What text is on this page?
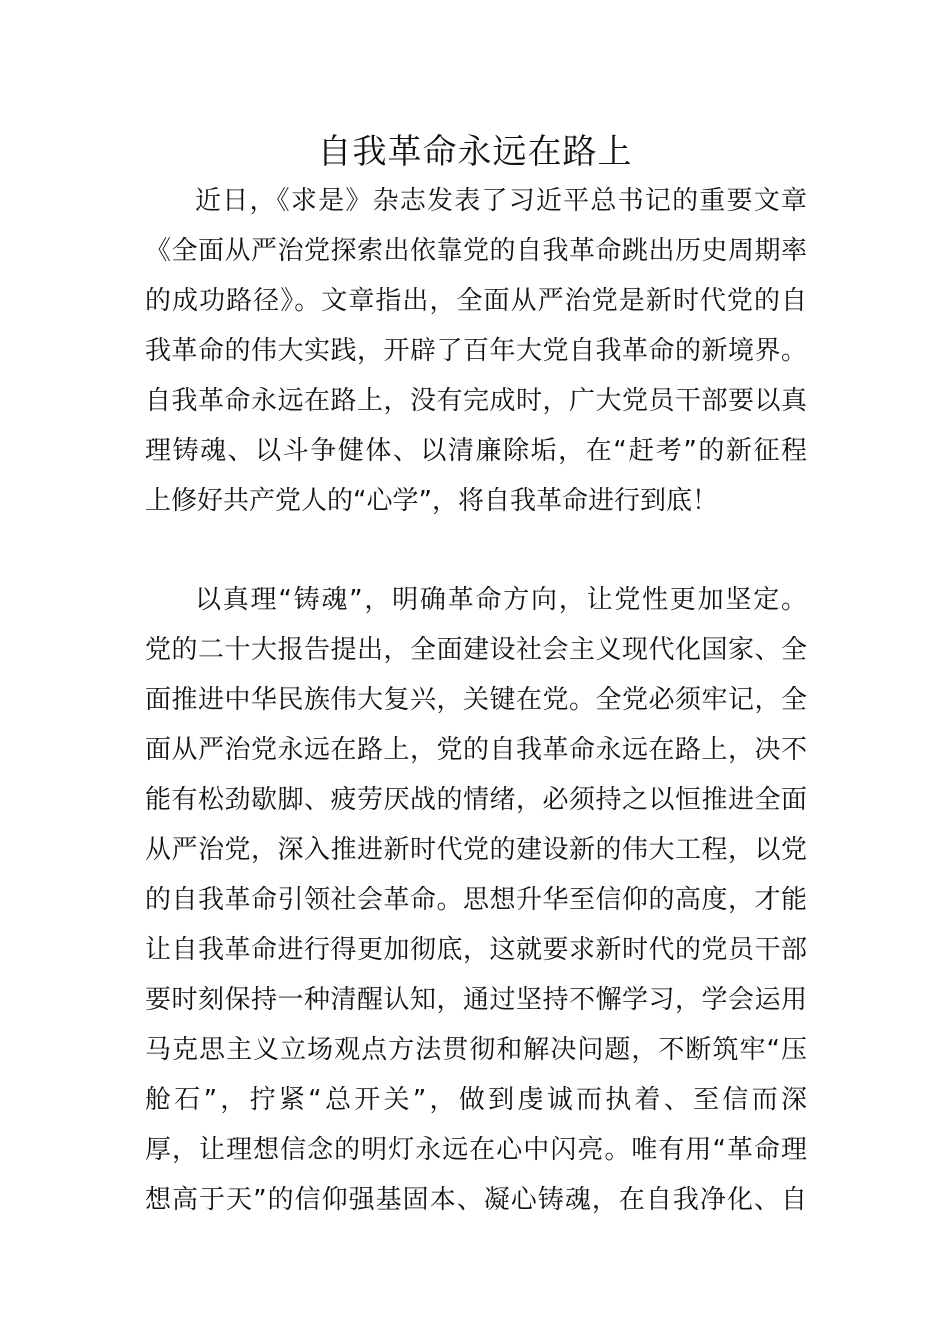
自我革命永远在路上
近日，《求是》杂志发表了习近平总书记的重要文章
《全面从严治党探索出依靠党的自我革命跳出历史周期率
的成功路径》。文章指出，全面从严治党是新时代党的自
我革命的伟大实践，开辟了百年大党自我革命的新境界。
自我革命永远在路上，没有完成时，广大党员干部要以真
理铸魂、以斗争健体、以清廉除垢，在“赶考”的新征程
上修好共产党人的“心学”，将自我革命进行到底！
以真理“铸魂”，明确革命方向，让党性更加坚定。
党的二十大报告提出，全面建设社会主义现代化国家、全
面推进中华民族伟大复兴，关键在党。全党必须牢记，全
面从严治党永远在路上，党的自我革命永远在路上，决不
能有松劲歇脚、疲劳厌战的情绪，必须持之以恒推进全面
从严治党，深入推进新时代党的建设新的伟大工程，以党
的自我革命引领社会革命。思想升华至信仰的高度，才能
让自我革命进行得更加彻底，这就要求新时代的党员干部
要时刻保持一种清醒认知，通过坚持不懈学习，学会运用
马克思主义立场观点方法贯彻和解决问题，不断筑牢“压
舱石”，拧紧“总开关”，做到虔诚而执着、至信而深
厚，让理想信念的明灯永远在心中闪亮。唯有用“革命理
想高于天”的信仰强基固本、凝心铸魂，在自我净化、自
